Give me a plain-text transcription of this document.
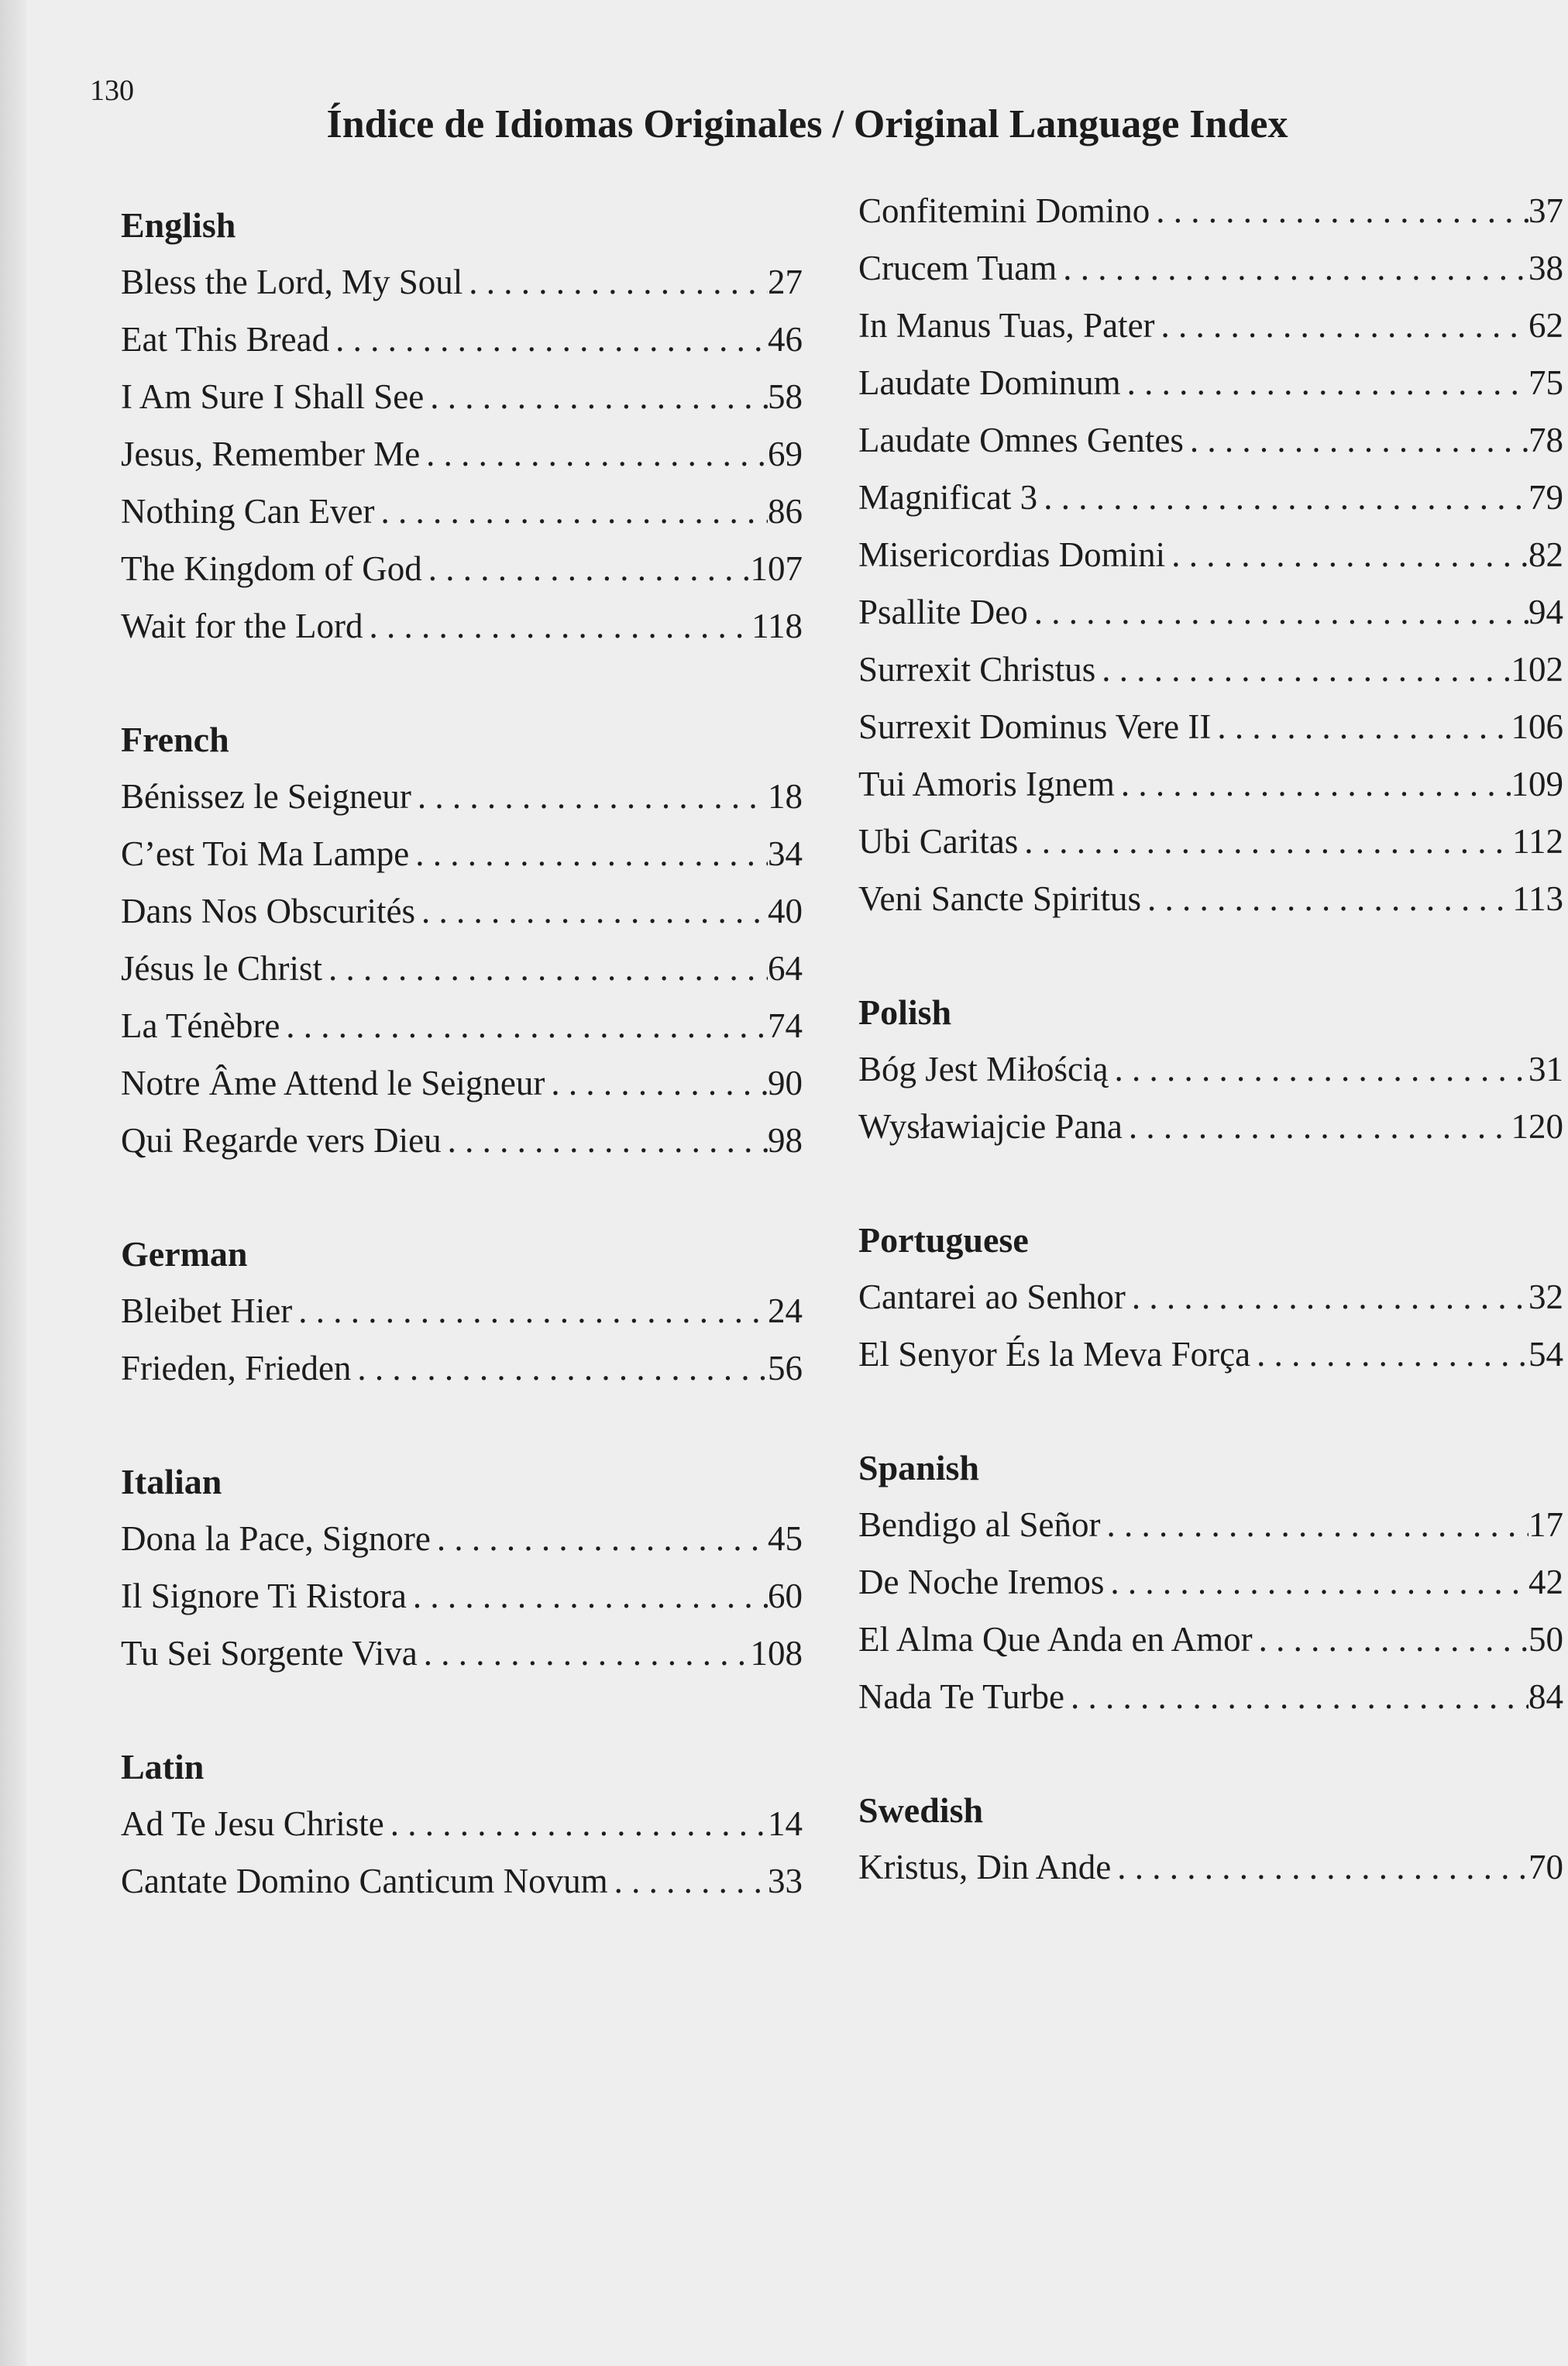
130
Índice de Idiomas Originales / Original Language Index
English
Bless the Lord, My Soul . . .	27
Eat This Bread . . .	46
I Am Sure I Shall See . . .	58
Jesus, Remember Me . . .	69
Nothing Can Ever . . .	86
The Kingdom of God . . .	107
Wait for the Lord . . .	118
French
Bénissez le Seigneur . . .	18
C’est Toi Ma Lampe . . .	34
Dans Nos Obscurités . . .	40
Jésus le Christ . . .	64
La Ténèbre . . .	74
Notre Âme Attend le Seigneur . . .	90
Qui Regarde vers Dieu . . .	98
German
Bleibet Hier . . .	24
Frieden, Frieden . . .	56
Italian
Dona la Pace, Signore . . .	45
Il Signore Ti Ristora . . .	60
Tu Sei Sorgente Viva . . .	108
Latin
Ad Te Jesu Christe . . .	14
Cantate Domino Canticum Novum . . .	33
Confitemini Domino . . .	37
Crucem Tuam . . .	38
In Manus Tuas, Pater . . .	62
Laudate Dominum . . .	75
Laudate Omnes Gentes . . .	78
Magnificat 3 . . .	79
Misericordias Domini . . .	82
Psallite Deo . . .	94
Surrexit Christus . . .	102
Surrexit Dominus Vere II . . .	106
Tui Amoris Ignem . . .	109
Ubi Caritas . . .	112
Veni Sancte Spiritus . . .	113
Polish
Bóg Jest Miłością . . .	31
Wysławiajcie Pana . . .	120
Portuguese
Cantarei ao Senhor . . .	32
El Senyor És la Meva Força . . .	54
Spanish
Bendigo al Señor . . .	17
De Noche Iremos . . .	42
El Alma Que Anda en Amor . . .	50
Nada Te Turbe . . .	84
Swedish
Kristus, Din Ande . . .	70
